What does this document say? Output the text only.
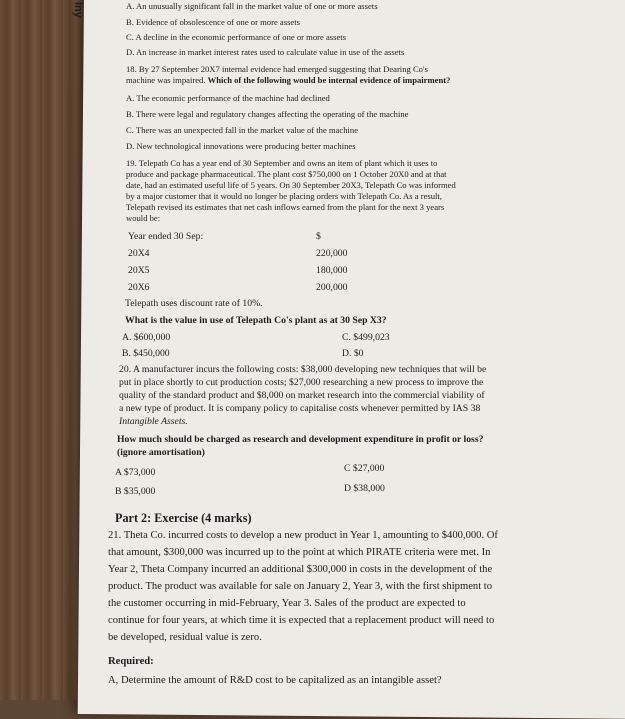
lny	A. An unusually significant fall in the market value of one or more assets
B. Evidence of obsolescence of one or more assets
C. A decline in the economic performance of one or more assets
D. An increase in market interest rates used to calculate value in use of the assets
18. By 27 September 20X7 internal evidence had emerged suggesting that Dearing Co's
machine was impaired. Which of the following would be internal evidence of impairment?
A. The economic performance of the machine had declined
B. There were legal and regulatory changes affecting the operating of the machine
C. There was an unexpected fall in the market value of the machine
D. New technological innovations were producing better machines
19. Telepath Co has a year end of 30 September and owns an item of plant which it uses to
produce and package pharmaceutical. The plant cost $750,000 on 1 October 20X0 and at that
date, had an estimated useful life of 5 years. On 30 September 20X3, Telepath Co was informed
by a major customer that it would no longer be placing orders with Telepath Co. As a result,
Telepath revised its estimates that net cash inflows earned from the plant for the next 3 years
would be:
Year ended 30 Sep:	$
20X4	220,000
20X5	180,000
20X6	200,000
Telepath uses discount rate of 10%.
What is the value in use of Telepath Co's plant as at 30 Sep X3?
A. $600,000	C. $499,023
B. $450,000	D. $0
20. A manufacturer incurs the following costs: $38,000 developing new techniques that will be
put in place shortly to cut production costs; $27,000 researching a new process to improve the
quality of the standard product and $8,000 on market research into the commercial viability of
a new type of product. It is company policy to capitalise costs whenever permitted by IAS 38
Intangible Assets.
How much should be charged as research and development expenditure in profit or loss?
(ignore amortisation)
A $73,000	C $27,000
B $35,000	D $38,000
Part 2: Exercise (4 marks)
21. Theta Co. incurred costs to develop a new product in Year 1, amounting to $400,000. Of
that amount, $300,000 was incurred up to the point at which PIRATE criteria were met. In
Year 2, Theta Company incurred an additional $300,000 in costs in the development of the
product. The product was available for sale on January 2, Year 3, with the first shipment to
the customer occurring in mid-February, Year 3. Sales of the product are expected to
continue for four years, at which time it is expected that a replacement product will need to
be developed, residual value is zero.
Required:
A, Determine the amount of R&D cost to be capitalized as an intangible asset?
